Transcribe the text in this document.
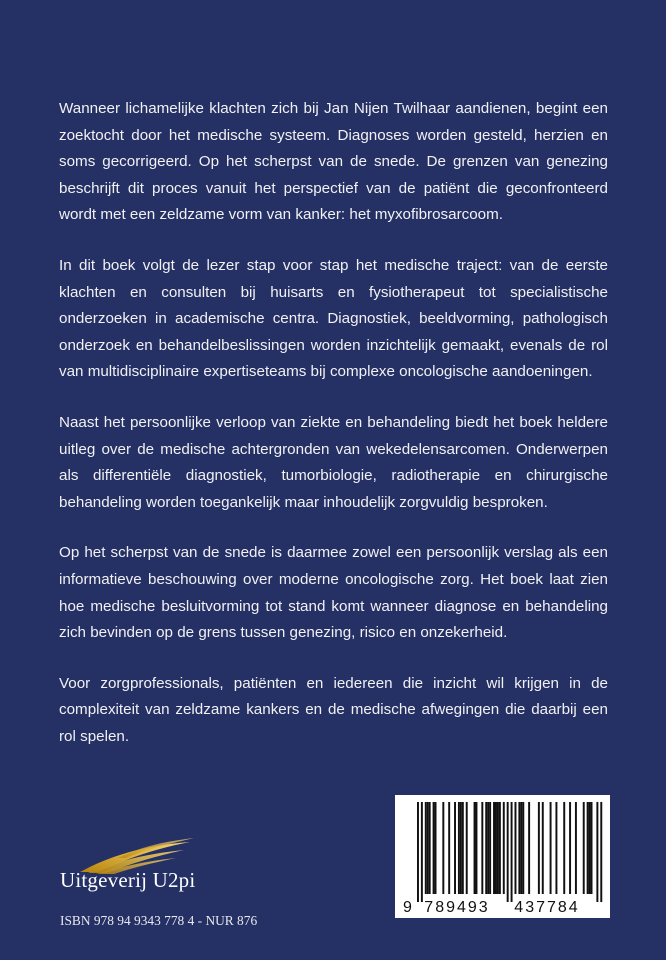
Wanneer lichamelijke klachten zich bij Jan Nijen Twilhaar aandienen, begint een zoektocht door het medische systeem. Diagnoses worden gesteld, herzien en soms gecorrigeerd. Op het scherpst van de snede. De grenzen van genezing beschrijft dit proces vanuit het perspectief van de patiënt die geconfronteerd wordt met een zeldzame vorm van kanker: het myxofibrosarcoom.

In dit boek volgt de lezer stap voor stap het medische traject: van de eerste klachten en consulten bij huisarts en fysiotherapeut tot specialistische onderzoeken in academische centra. Diagnostiek, beeldvorming, pathologisch onderzoek en behandelbeslissingen worden inzichtelijk gemaakt, evenals de rol van multidisciplinaire expertiseteams bij complexe oncologische aandoeningen.

Naast het persoonlijke verloop van ziekte en behandeling biedt het boek heldere uitleg over de medische achtergronden van wekedelensarcomen. Onderwerpen als differentiële diagnostiek, tumorbiologie, radiotherapie en chirurgische behandeling worden toegankelijk maar inhoudelijk zorgvuldig besproken.

Op het scherpst van de snede is daarmee zowel een persoonlijk verslag als een informatieve beschouwing over moderne oncologische zorg. Het boek laat zien hoe medische besluitvorming tot stand komt wanneer diagnose en behandeling zich bevinden op de grens tussen genezing, risico en onzekerheid.

Voor zorgprofessionals, patiënten en iedereen die inzicht wil krijgen in de complexiteit van zeldzame kankers en de medische afwegingen die daarbij een rol spelen.

Uitgeverij U2pi
ISBN 978 94 9343 778 4 - NUR 876
9 789493 437784
